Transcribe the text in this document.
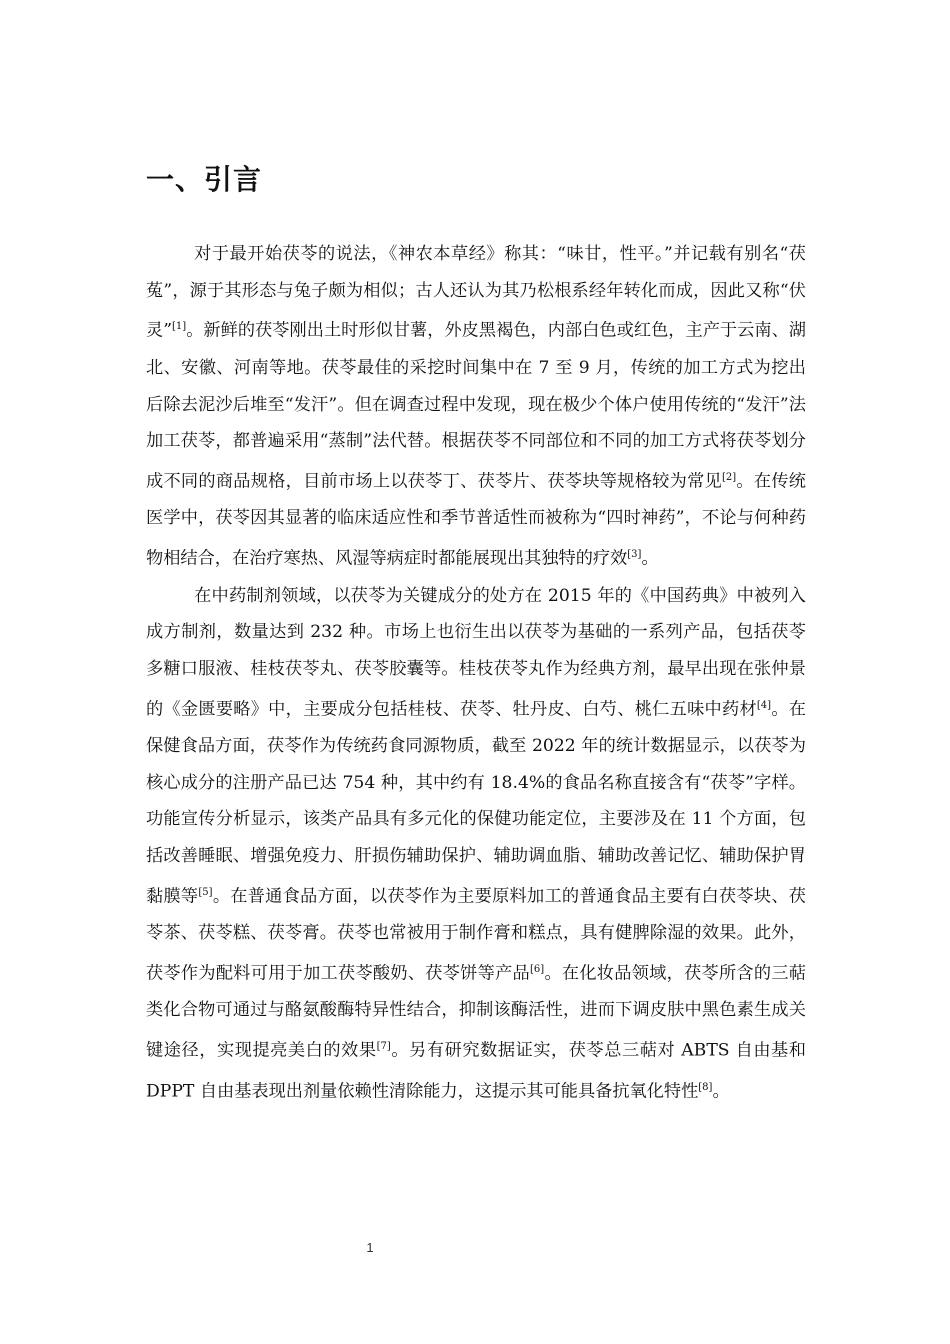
一、引言

对于最开始茯苓的说法，《神农本草经》称其：“味甘，性平。”并记载有别名“茯菟”，源于其形态与兔子颇为相似；古人还认为其乃松根系经年转化而成，因此又称“伏灵”[1]。新鲜的茯苓刚出土时形似甘薯，外皮黑褐色，内部白色或红色，主产于云南、湖北、安徽、河南等地。茯苓最佳的采挖时间集中在 7 至 9 月，传统的加工方式为挖出后除去泥沙后堆至“发汗”。但在调查过程中发现，现在极少个体户使用传统的“发汗”法加工茯苓，都普遍采用“蒸制”法代替。根据茯苓不同部位和不同的加工方式将茯苓划分成不同的商品规格，目前市场上以茯苓丁、茯苓片、茯苓块等规格较为常见[2]。在传统医学中，茯苓因其显著的临床适应性和季节普适性而被称为“四时神药”，不论与何种药物相结合，在治疗寒热、风湿等病症时都能展现出其独特的疗效[3]。

在中药制剂领域，以茯苓为关键成分的处方在 2015 年的《中国药典》中被列入成方制剂，数量达到 232 种。市场上也衍生出以茯苓为基础的一系列产品，包括茯苓多糖口服液、桂枝茯苓丸、茯苓胶囊等。桂枝茯苓丸作为经典方剂，最早出现在张仲景的《金匮要略》中，主要成分包括桂枝、茯苓、牡丹皮、白芍、桃仁五味中药材[4]。在保健食品方面，茯苓作为传统药食同源物质，截至 2022 年的统计数据显示，以茯苓为核心成分的注册产品已达 754 种，其中约有 18.4%的食品名称直接含有“茯苓”字样。功能宣传分析显示，该类产品具有多元化的保健功能定位，主要涉及在 11 个方面，包括改善睡眠、增强免疫力、肝损伤辅助保护、辅助调血脂、辅助改善记忆、辅助保护胃黏膜等[5]。在普通食品方面，以茯苓作为主要原料加工的普通食品主要有白茯苓块、茯苓茶、茯苓糕、茯苓膏。茯苓也常被用于制作膏和糕点，具有健脾除湿的效果。此外，茯苓作为配料可用于加工茯苓酸奶、茯苓饼等产品[6]。在化妆品领域，茯苓所含的三萜类化合物可通过与酪氨酸酶特异性结合，抑制该酶活性，进而下调皮肤中黑色素生成关键途径，实现提亮美白的效果[7]。另有研究数据证实，茯苓总三萜对 ABTS 自由基和 DPPT 自由基表现出剂量依赖性清除能力，这提示其可能具备抗氧化特性[8]。

1
